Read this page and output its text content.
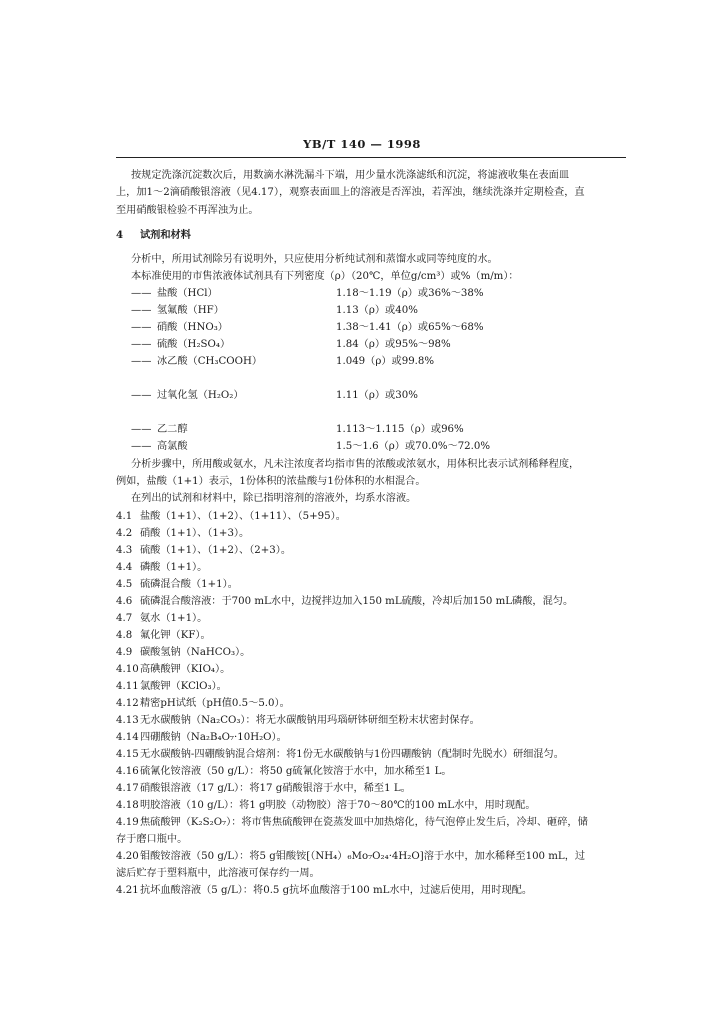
YB/T 140 — 1998
按规定洗涤沉淀数次后，用数滴水淋洗漏斗下端，用少量水洗涤滤纸和沉淀，将滤液收集在表面皿
上，加1～2滴硝酸银溶液（见4.17），观察表面皿上的溶液是否浑浊，若浑浊，继续洗涤并定期检查，直
至用硝酸银检验不再浑浊为止。
4 试剂和材料
分析中，所用试剂除另有说明外，只应使用分析纯试剂和蒸馏水或同等纯度的水。
本标准使用的市售浓液体试剂具有下列密度（ρ）（20℃，单位g/cm³）或%（m/m）：
—— 盐酸（HCl）	1.18～1.19（ρ）或36%～38%
—— 氢氟酸（HF）	1.13（ρ）或40%
—— 硝酸（HNO₃）	1.38～1.41（ρ）或65%～68%
—— 硫酸（H₂SO₄）	1.84（ρ）或95%～98%
—— 冰乙酸（CH₃COOH）	1.049（ρ）或99.8%
—— 过氧化氢（H₂O₂）	1.11（ρ）或30%
—— 乙二醇	1.113～1.115（ρ）或96%
—— 高氯酸	1.5～1.6（ρ）或70.0%～72.0%
分析步骤中，所用酸或氨水，凡未注浓度者均指市售的浓酸或浓氨水，用体积比表示试剂稀释程度，
例如，盐酸（1+1）表示，1份体积的浓盐酸与1份体积的水相混合。
在列出的试剂和材料中，除已指明溶剂的溶液外，均系水溶液。
4.1 盐酸（1+1）、（1+2）、（1+11）、（5+95）。
4.2 硝酸（1+1）、（1+3）。
4.3 硫酸（1+1）、（1+2）、（2+3）。
4.4 磷酸（1+1）。
4.5 硫磷混合酸（1+1）。
4.6 硫磷混合酸溶液：于700 mL水中，边搅拌边加入150 mL硫酸，冷却后加150 mL磷酸，混匀。
4.7 氨水（1+1）。
4.8 氟化钾（KF）。
4.9 碳酸氢钠（NaHCO₃）。
4.10高碘酸钾（KIO₄）。
4.11氯酸钾（KClO₃）。
4.12精密pH试纸（pH值0.5～5.0）。
4.13无水碳酸钠（Na₂CO₃）：将无水碳酸钠用玛瑙研钵研细至粉末状密封保存。
4.14四硼酸钠（Na₂B₄O₇·10H₂O）。
4.15无水碳酸钠-四硼酸钠混合熔剂：将1份无水碳酸钠与1份四硼酸钠（配制时先脱水）研细混匀。
4.16硫氰化铵溶液（50 g/L）：将50 g硫氰化铵溶于水中，加水稀至1 L。
4.17硝酸银溶液（17 g/L）：将17 g硝酸银溶于水中，稀至1 L。
4.18明胶溶液（10 g/L）：将1 g明胶（动物胶）溶于70～80℃的100 mL水中，用时现配。
4.19焦硫酸钾（K₂S₂O₇）：将市售焦硫酸钾在瓷蒸发皿中加热熔化，待气泡停止发生后，冷却、砸碎，储
存于磨口瓶中。
4.20钼酸铵溶液（50 g/L）：将5 g钼酸铵[（NH₄）₆Mo₇O₂₄·4H₂O]溶于水中，加水稀释至100 mL，过
滤后贮存于塑料瓶中，此溶液可保存约一周。
4.21抗坏血酸溶液（5 g/L）：将0.5 g抗坏血酸溶于100 mL水中，过滤后使用，用时现配。
